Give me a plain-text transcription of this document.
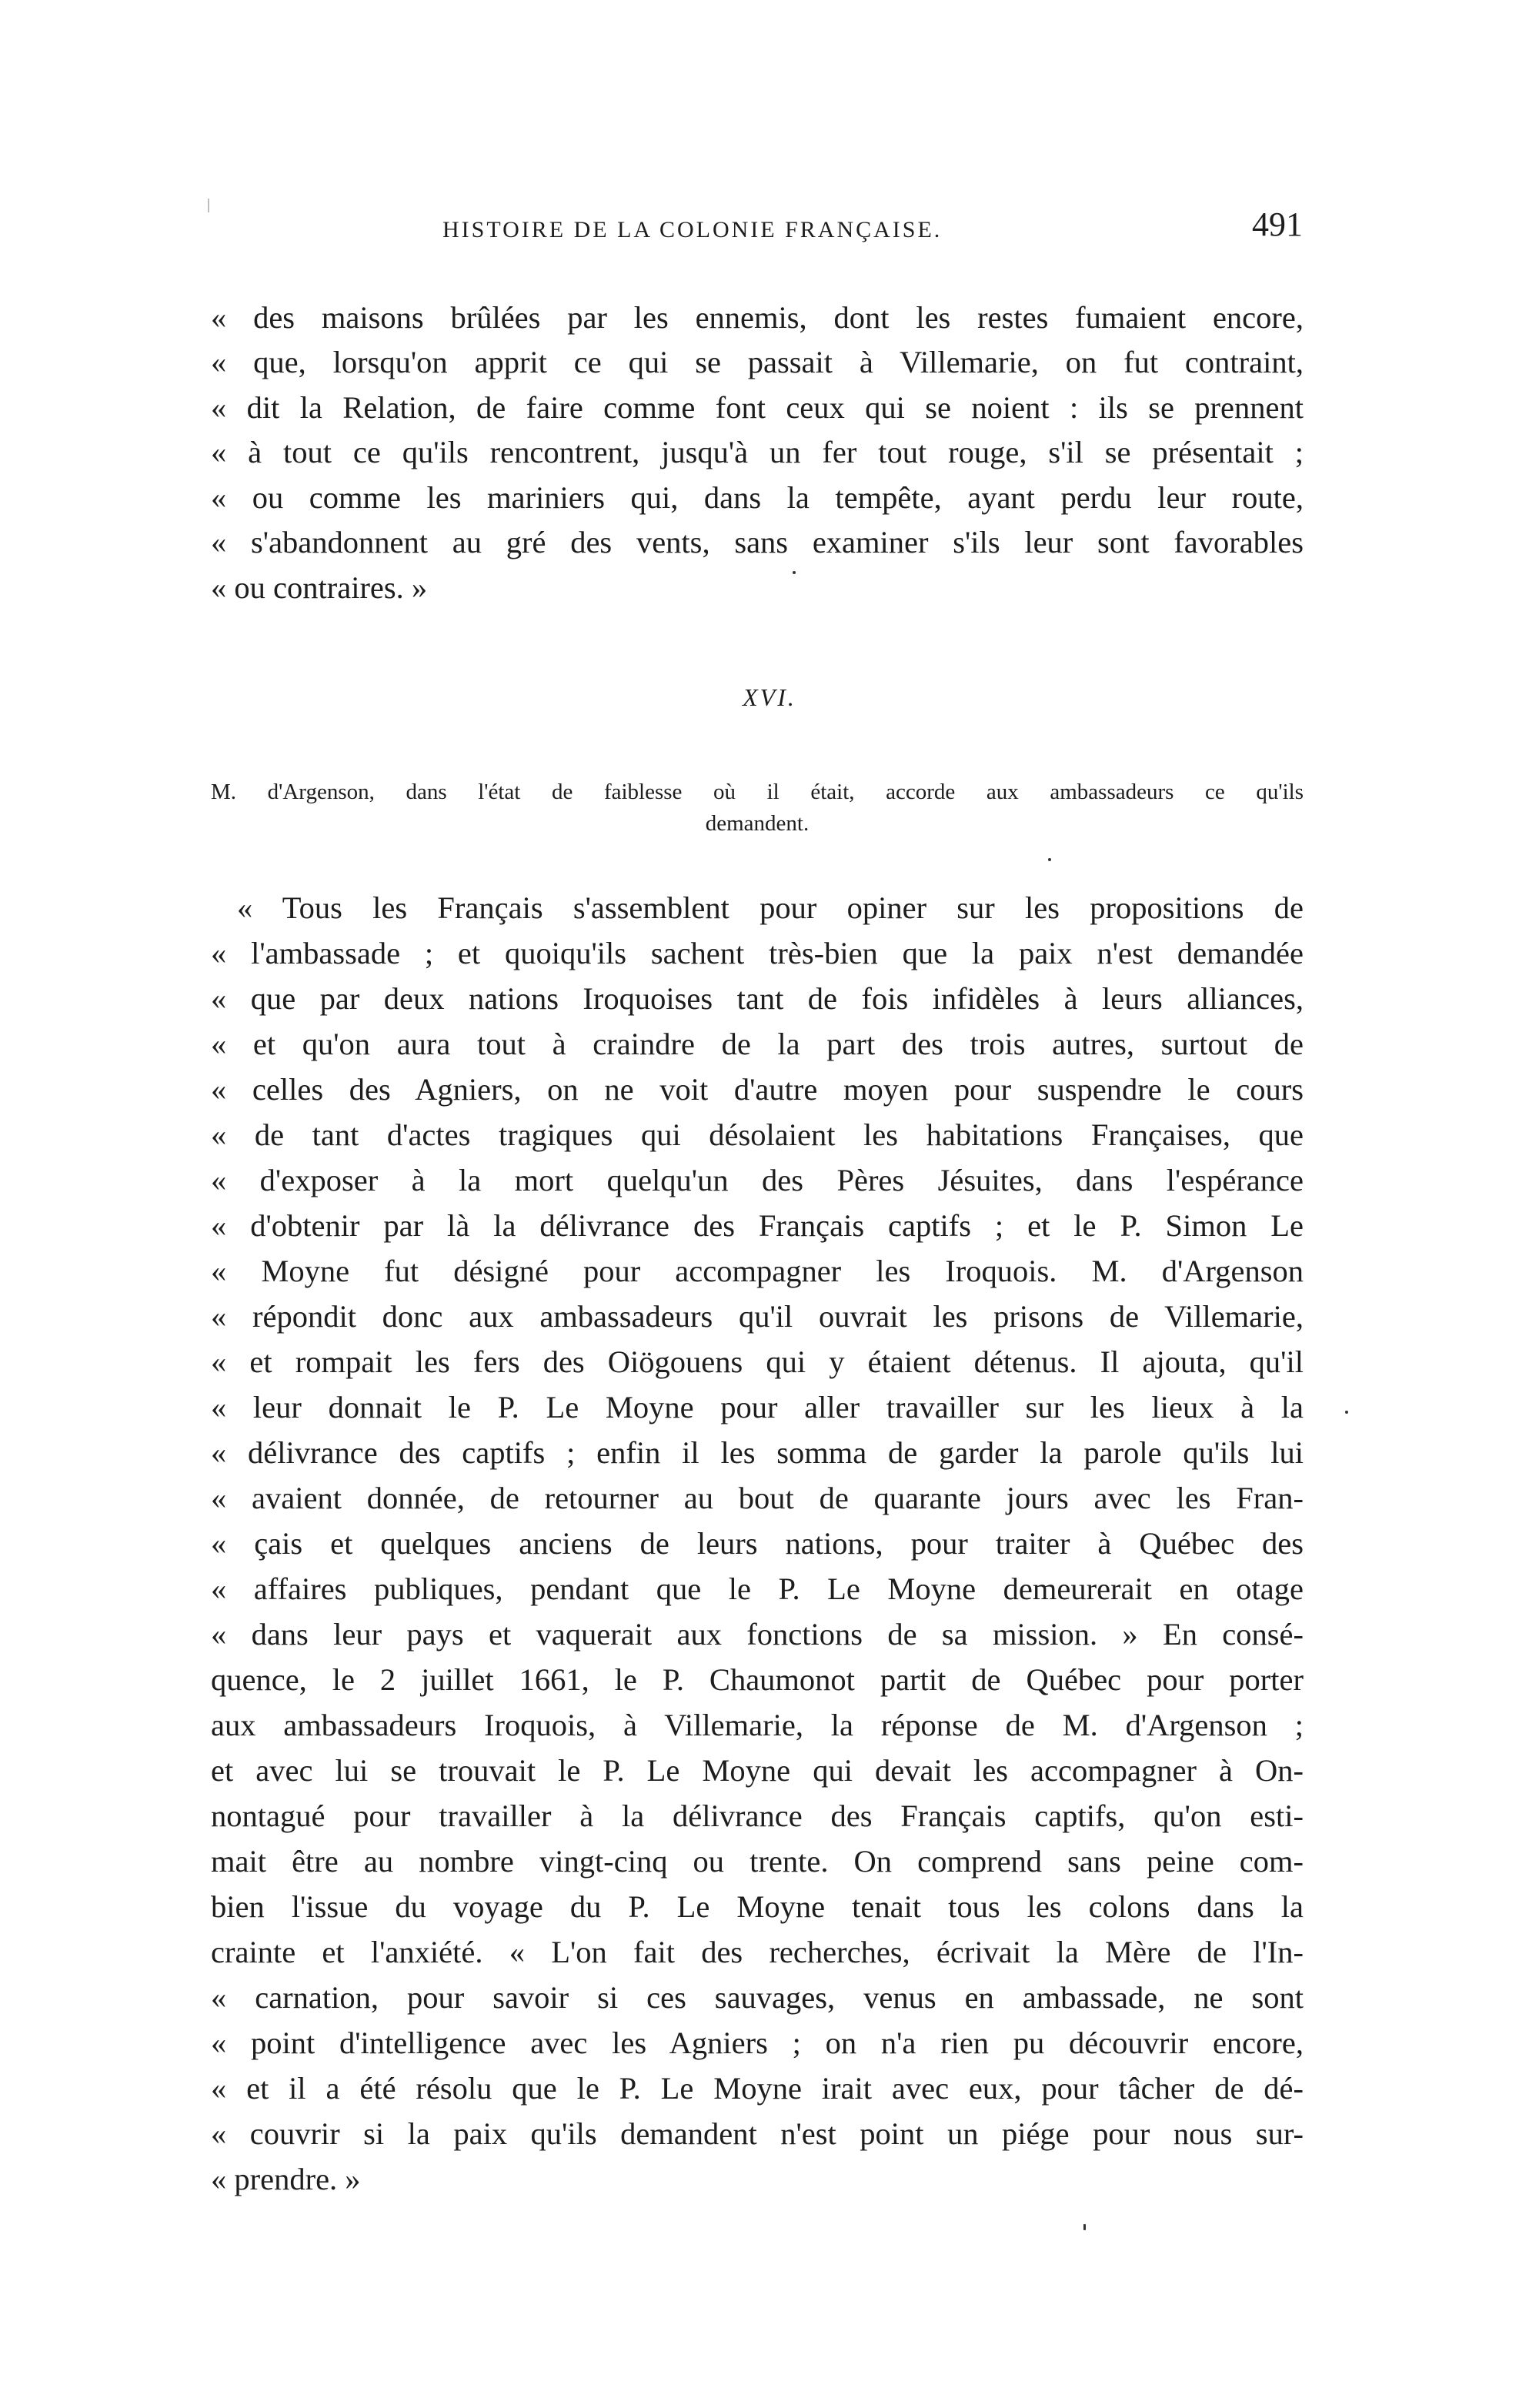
HISTOIRE DE LA COLONIE FRANÇAISE.	491
« des maisons brûlées par les ennemis, dont les restes fumaient encore,
« que, lorsqu'on apprit ce qui se passait à Villemarie, on fut contraint,
« dit la Relation, de faire comme font ceux qui se noient : ils se prennent
« à tout ce qu'ils rencontrent, jusqu'à un fer tout rouge, s'il se présentait ;
« ou comme les mariniers qui, dans la tempête, ayant perdu leur route,
« s'abandonnent au gré des vents, sans examiner s'ils leur sont favorables
« ou contraires. »
XVI.
M. d'Argenson, dans l'état de faiblesse où il était, accorde aux ambassadeurs ce qu'ils
demandent.
« Tous les Français s'assemblent pour opiner sur les propositions de
« l'ambassade ; et quoiqu'ils sachent très-bien que la paix n'est demandée
« que par deux nations Iroquoises tant de fois infidèles à leurs alliances,
« et qu'on aura tout à craindre de la part des trois autres, surtout de
« celles des Agniers, on ne voit d'autre moyen pour suspendre le cours
« de tant d'actes tragiques qui désolaient les habitations Françaises, que
« d'exposer à la mort quelqu'un des Pères Jésuites, dans l'espérance
« d'obtenir par là la délivrance des Français captifs ; et le P. Simon Le
« Moyne fut désigné pour accompagner les Iroquois. M. d'Argenson
« répondit donc aux ambassadeurs qu'il ouvrait les prisons de Villemarie,
« et rompait les fers des Oiögouens qui y étaient détenus. Il ajouta, qu'il
« leur donnait le P. Le Moyne pour aller travailler sur les lieux à la
« délivrance des captifs ; enfin il les somma de garder la parole qu'ils lui
« avaient donnée, de retourner au bout de quarante jours avec les Fran-
« çais et quelques anciens de leurs nations, pour traiter à Québec des
« affaires publiques, pendant que le P. Le Moyne demeurerait en otage
« dans leur pays et vaquerait aux fonctions de sa mission. » En consé-
quence, le 2 juillet 1661, le P. Chaumonot partit de Québec pour porter
aux ambassadeurs Iroquois, à Villemarie, la réponse de M. d'Argenson ;
et avec lui se trouvait le P. Le Moyne qui devait les accompagner à On-
nontagué pour travailler à la délivrance des Français captifs, qu'on esti-
mait être au nombre vingt-cinq ou trente. On comprend sans peine com-
bien l'issue du voyage du P. Le Moyne tenait tous les colons dans la
crainte et l'anxiété. « L'on fait des recherches, écrivait la Mère de l'In-
« carnation, pour savoir si ces sauvages, venus en ambassade, ne sont
« point d'intelligence avec les Agniers ; on n'a rien pu découvrir encore,
« et il a été résolu que le P. Le Moyne irait avec eux, pour tâcher de dé-
« couvrir si la paix qu'ils demandent n'est point un piége pour nous sur-
« prendre. »
